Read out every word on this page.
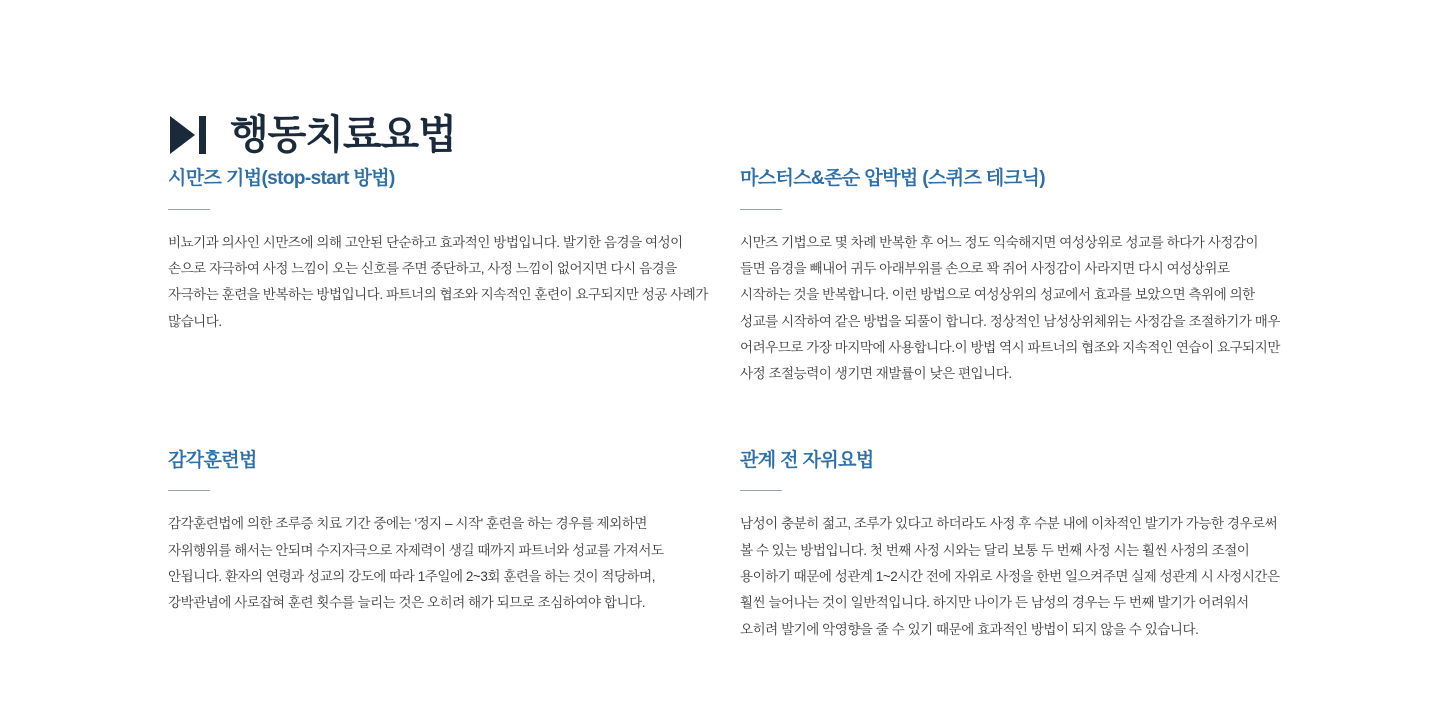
행동치료요법
시만즈 기법(stop-start 방법)

비뇨기과 의사인 시만즈에 의해 고안된 단순하고 효과적인 방법입니다. 발기한 음경을 여성이 손으로 자극하여 사정 느낌이 오는 신호를 주면 중단하고, 사정 느낌이 없어지면 다시 음경을 자극하는 훈련을 반복하는 방법입니다. 파트너의 협조와 지속적인 훈련이 요구되지만 성공 사례가 많습니다.

마스터스&존순 압박법 (스퀴즈 테크닉)

시만즈 기법으로 몇 차례 반복한 후 어느 정도 익숙해지면 여성상위로 성교를 하다가 사정감이 들면 음경을 빼내어 귀두 아래부위를 손으로 꽉 쥐어 사정감이 사라지면 다시 여성상위로 시작하는 것을 반복합니다. 이런 방법으로 여성상위의 성교에서 효과를 보았으면 측위에 의한 성교를 시작하여 같은 방법을 되풀이 합니다. 정상적인 남성상위체위는 사정감을 조절하기가 매우 어려우므로 가장 마지막에 사용합니다.이 방법 역시 파트너의 협조와 지속적인 연습이 요구되지만 사정 조절능력이 생기면 재발률이 낮은 편입니다.

감각훈련법

감각훈련법에 의한 조루증 치료 기간 중에는 '정지 – 시작' 훈련을 하는 경우를 제외하면 자위행위를 해서는 안되며 수지자극으로 자제력이 생길 때까지 파트너와 성교를 가져서도 안됩니다. 환자의 연령과 성교의 강도에 따라 1주일에 2~3회 훈련을 하는 것이 적당하며, 강박관념에 사로잡혀 훈련 횟수를 늘리는 것은 오히려 해가 되므로 조심하여야 합니다.

관계 전 자위요법

남성이 충분히 젊고, 조루가 있다고 하더라도 사정 후 수분 내에 이차적인 발기가 가능한 경우로써 볼 수 있는 방법입니다. 첫 번째 사정 시와는 달리 보통 두 번째 사정 시는 훨씬 사정의 조절이 용이하기 때문에 성관계 1~2시간 전에 자위로 사정을 한번 일으켜주면 실제 성관계 시 사정시간은 훨씬 늘어나는 것이 일반적입니다. 하지만 나이가 든 남성의 경우는 두 번째 발기가 어려워서 오히려 발기에 악영향을 줄 수 있기 때문에 효과적인 방법이 되지 않을 수 있습니다.
